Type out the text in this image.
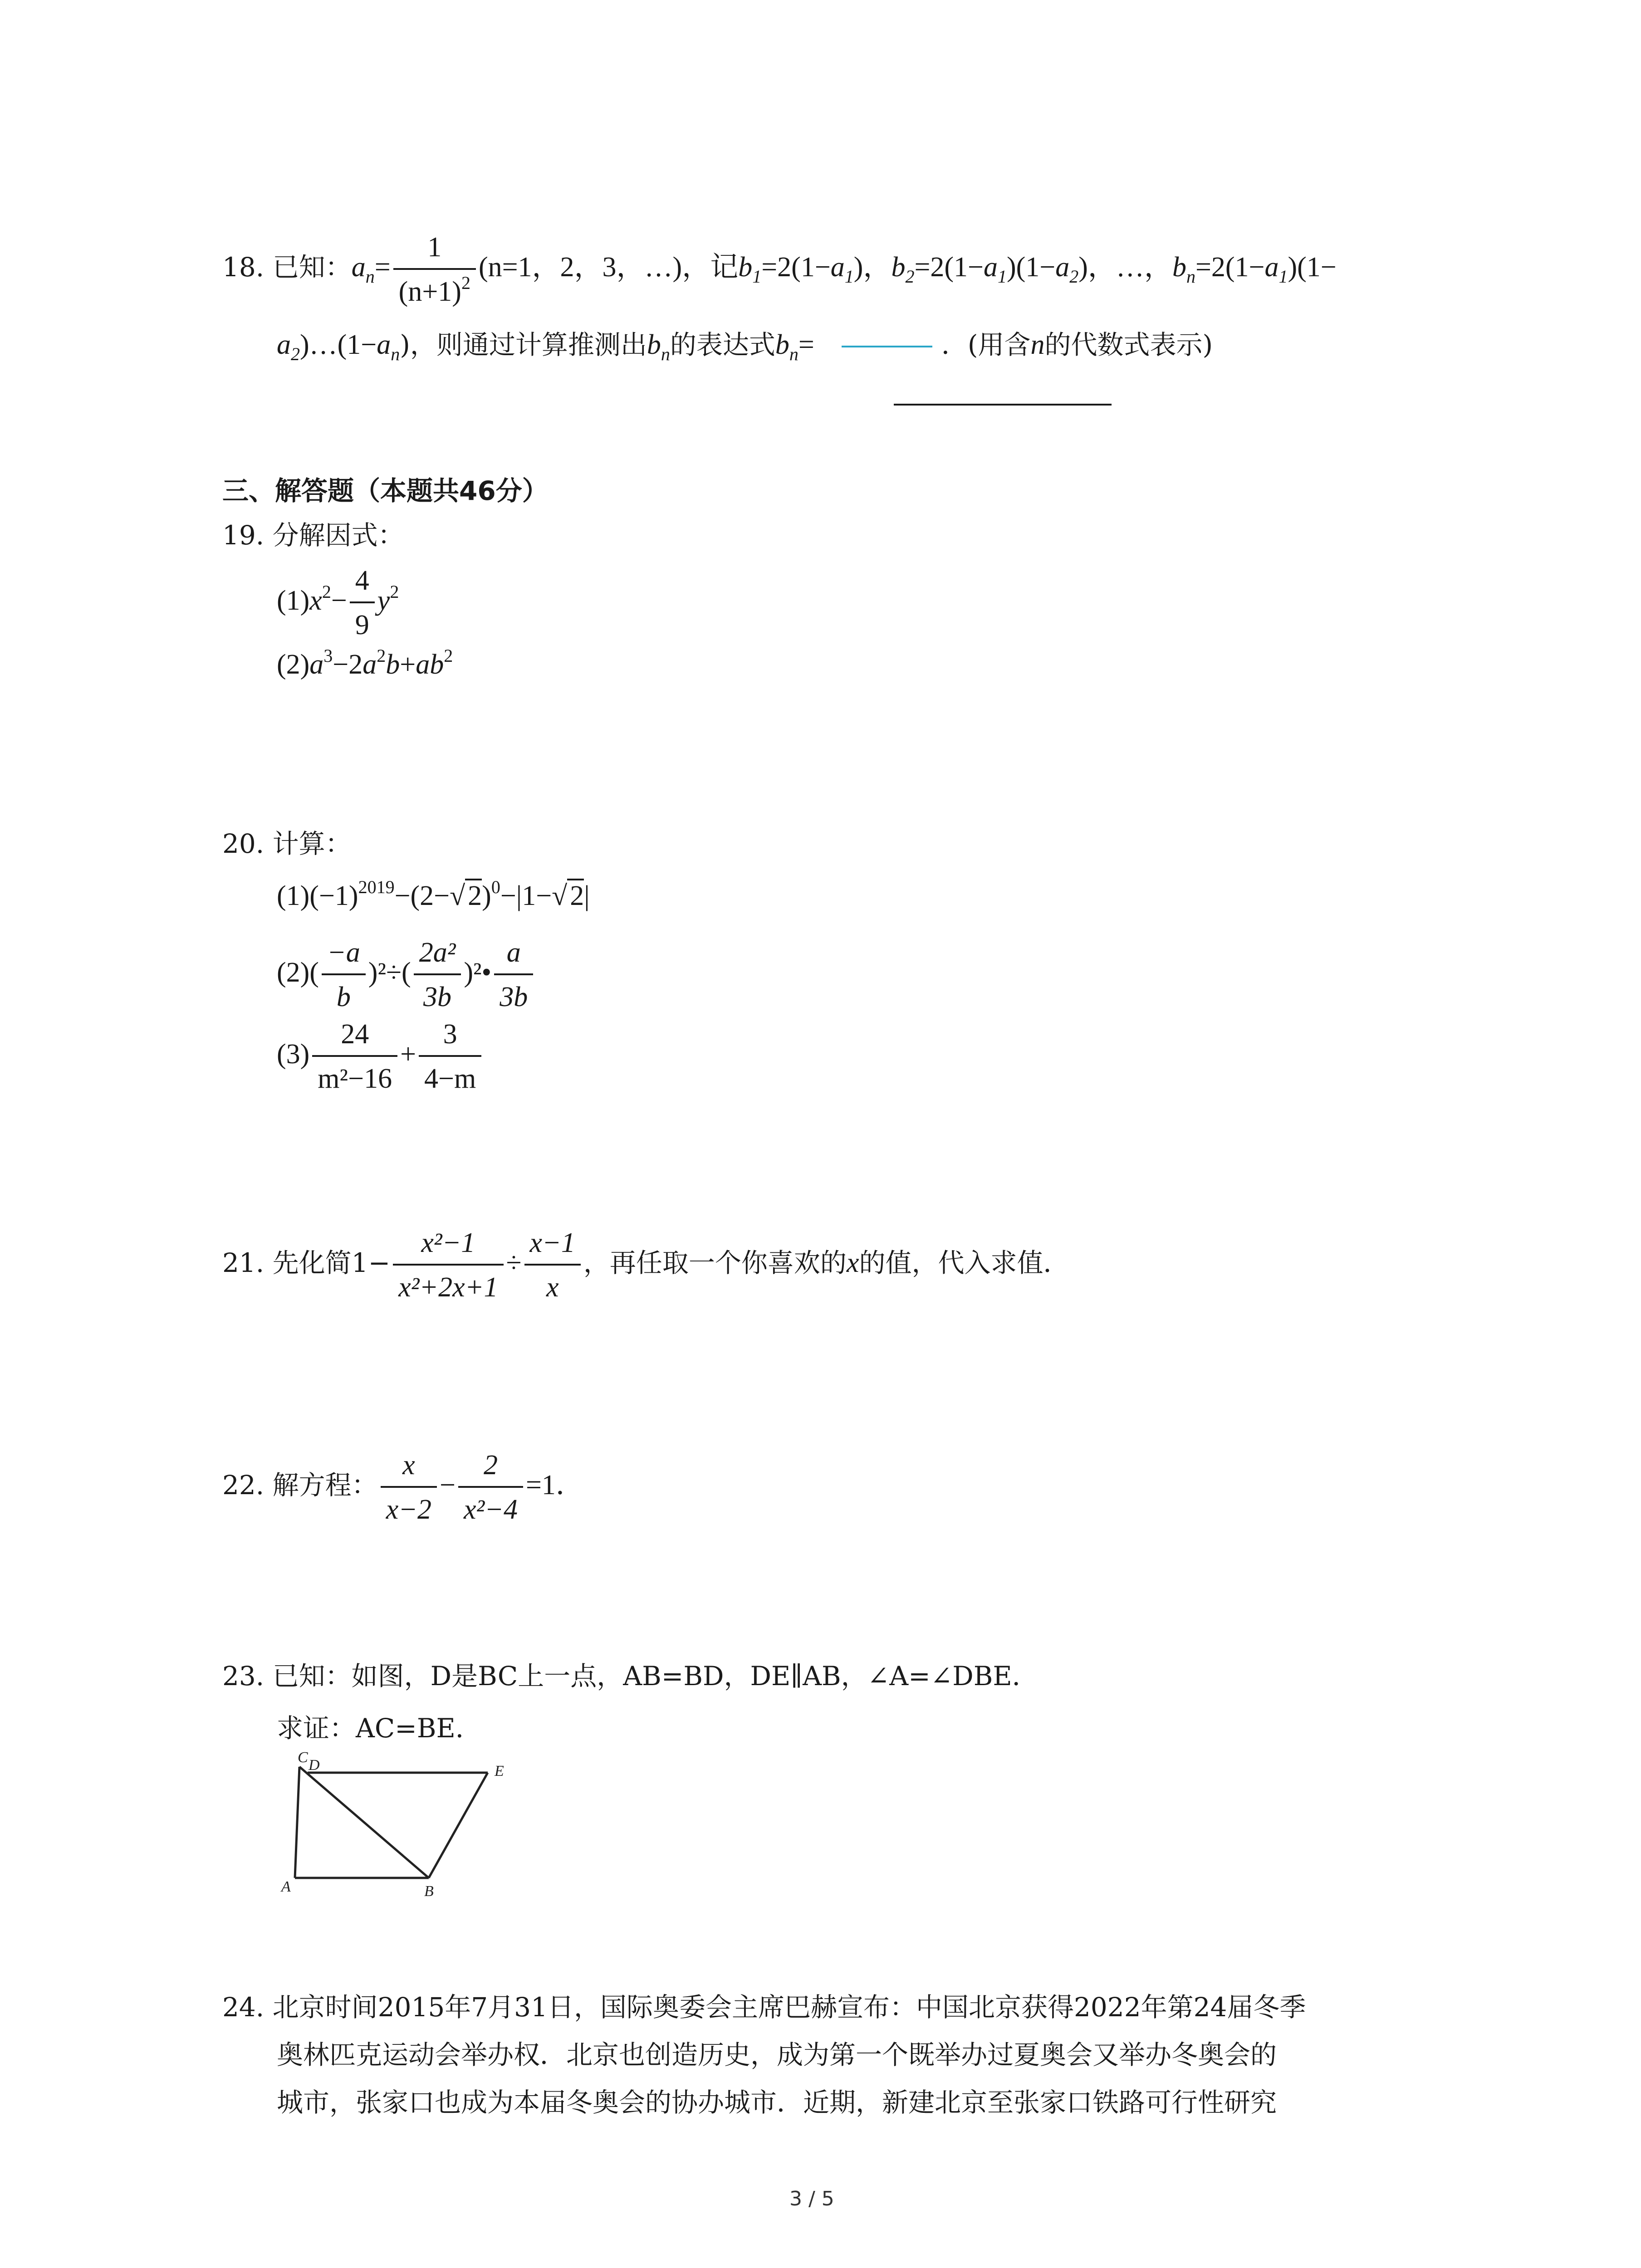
18. 已知：$a_n= \frac{1}{(n+1)^2} (n=1$，2，3，…)，记$b_1=2(1-a_1)$，$b_2=2(1-a_1)(1-a_2)$，…，$b_n=2(1-a_1)(1-$
$a_2)\dots(1-a_n)$，则通过计算推测出$b_n$的表达式$b_n=$	．(用含n的代数式表示)
三、解答题（本题共46分）
19. 分解因式：
$(1)x^2- \frac{4}{9} y^2$
$(2)a^3-2a^2b+ab^2$
20. 计算：
$(1)(-1)^{2019}-(2-√2)^0-|1-√2|$
$(2)( \frac{-a}{b} )^2\div( \frac{\text{2a²}}{3b}$ )²• $\frac{a}{3b}$
$(3) \frac{24}{\text{m²−16}} + \frac{3}{4-m}$
21. 先化简$1- \frac{\text{x²−1}}{\text{x²+2x+1}} \div \frac{x-1}{x}$ ，再任取一个你喜欢的x的值，代入求值．
22. 解方程： $\frac{x}{x-2} - \frac{2}{\text{x²−4}} =1$．
23. 已知：如图，D是BC上一点，AB=BD，DE∥AB，∠A=∠DBE．
求证：AC=BE．
C D	E
A	B
24. 北京时间2015年7月31日，国际奥委会主席巴赫宣布：中国北京获得2022年第24届冬季
奥林匹克运动会举办权．北京也创造历史，成为第一个既举办过夏奥会又举办冬奥会的
城市，张家口也成为本届冬奥会的协办城市．近期，新建北京至张家口铁路可行性研究
3 / 5
